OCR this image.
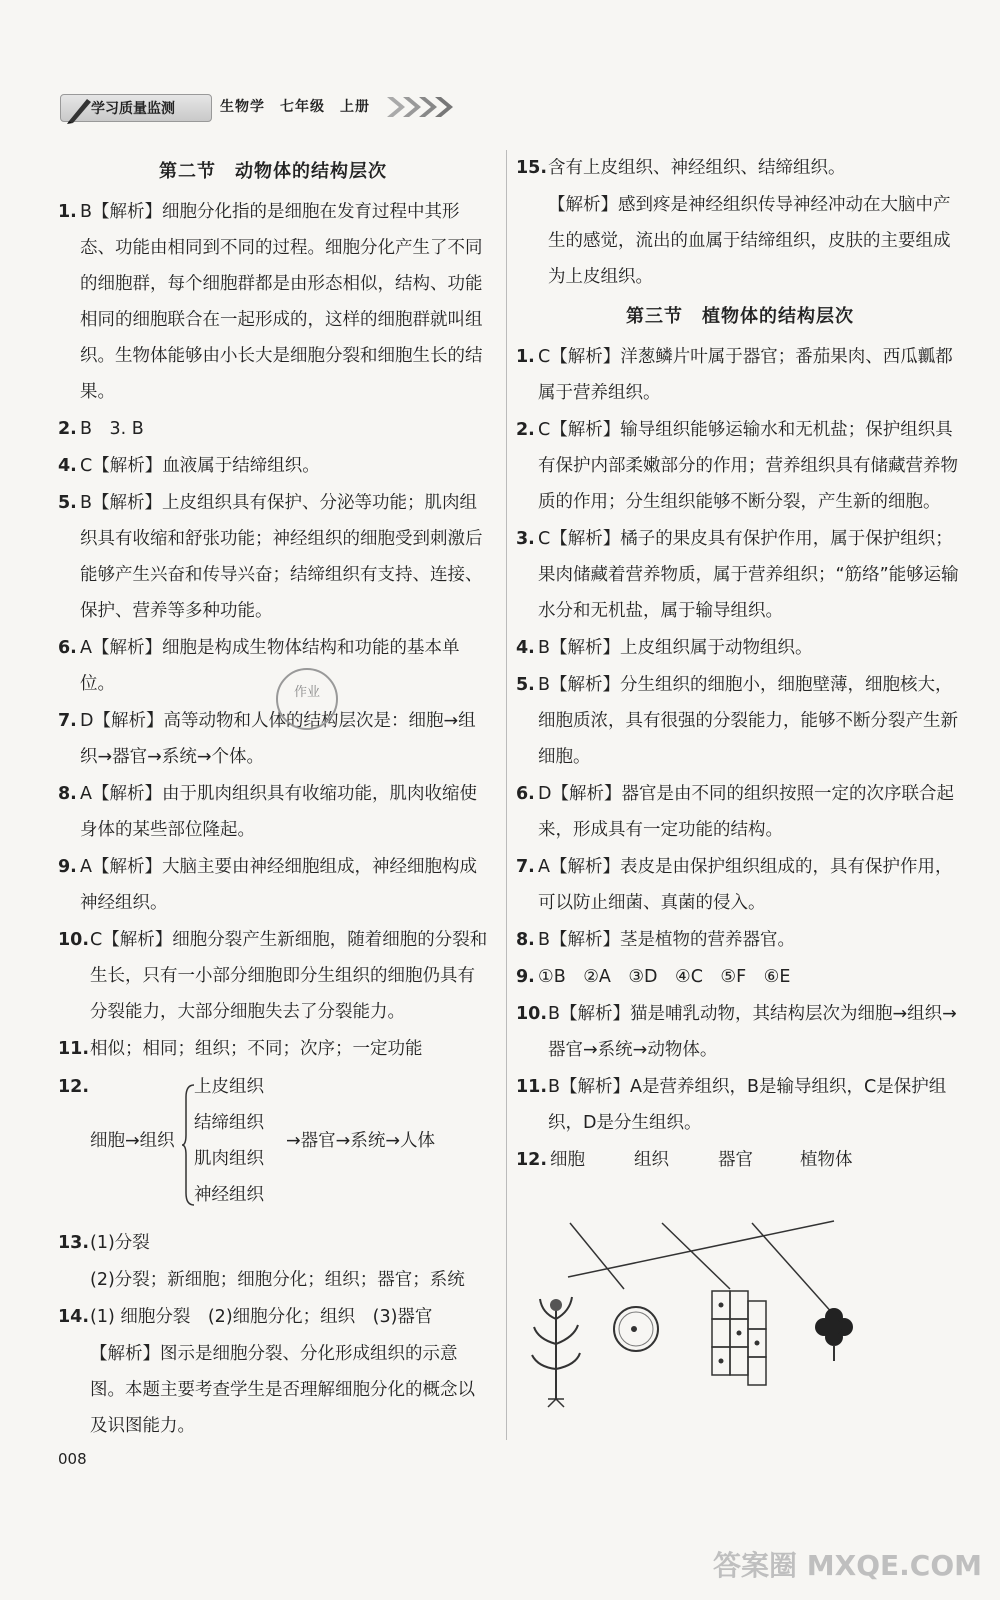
学习质量监测	生物学　七年级　上册
第二节　动物体的结构层次
1. B【解析】细胞分化指的是细胞在发育过程中其形态、功能由相同到不同的过程。细胞分化产生了不同的细胞群，每个细胞群都是由形态相似，结构、功能相同的细胞联合在一起形成的，这样的细胞群就叫组织。生物体能够由小长大是细胞分裂和细胞生长的结果。
2. B　3. B
4. C【解析】血液属于结缔组织。
5. B【解析】上皮组织具有保护、分泌等功能；肌肉组织具有收缩和舒张功能；神经组织的细胞受到刺激后能够产生兴奋和传导兴奋；结缔组织有支持、连接、保护、营养等多种功能。
6. A【解析】细胞是构成生物体结构和功能的基本单位。
7. D【解析】高等动物和人体的结构层次是：细胞→组织→器官→系统→个体。
8. A【解析】由于肌肉组织具有收缩功能，肌肉收缩使身体的某些部位隆起。
9. A【解析】大脑主要由神经细胞组成，神经细胞构成神经组织。
10. C【解析】细胞分裂产生新细胞，随着细胞的分裂和生长，只有一小部分细胞即分生组织的细胞仍具有分裂能力，大部分细胞失去了分裂能力。
11. 相似；相同；组织；不同；次序；一定功能
12.
细胞→组织
上皮组织
结缔组织
肌肉组织
神经组织
→器官→系统→人体
13. (1)分裂
(2)分裂；新细胞；细胞分化；组织；器官；系统
14. (1) 细胞分裂　(2)细胞分化；组织　(3)器官
【解析】图示是细胞分裂、分化形成组织的示意图。本题主要考查学生是否理解细胞分化的概念以及识图能力。
15. 含有上皮组织、神经组织、结缔组织。
【解析】感到疼是神经组织传导神经冲动在大脑中产生的感觉，流出的血属于结缔组织，皮肤的主要组成为上皮组织。
第三节　植物体的结构层次
1. C【解析】洋葱鳞片叶属于器官；番茄果肉、西瓜瓤都属于营养组织。
2. C【解析】输导组织能够运输水和无机盐；保护组织具有保护内部柔嫩部分的作用；营养组织具有储藏营养物质的作用；分生组织能够不断分裂，产生新的细胞。
3. C【解析】橘子的果皮具有保护作用，属于保护组织；果肉储藏着营养物质，属于营养组织；“筋络”能够运输水分和无机盐，属于输导组织。
4. B【解析】上皮组织属于动物组织。
5. B【解析】分生组织的细胞小，细胞壁薄，细胞核大，细胞质浓，具有很强的分裂能力，能够不断分裂产生新细胞。
6. D【解析】器官是由不同的组织按照一定的次序联合起来，形成具有一定功能的结构。
7. A【解析】表皮是由保护组织组成的，具有保护作用，可以防止细菌、真菌的侵入。
8. B【解析】茎是植物的营养器官。
9. ①B　②A　③D　④C　⑤F　⑥E
10. B【解析】猫是哺乳动物，其结构层次为细胞→组织→器官→系统→动物体。
11. B【解析】A是营养组织，B是输导组织，C是保护组织，D是分生组织。
12. 细胞	组织	器官	植物体
作业
008
答案圈 MXQE.COM
